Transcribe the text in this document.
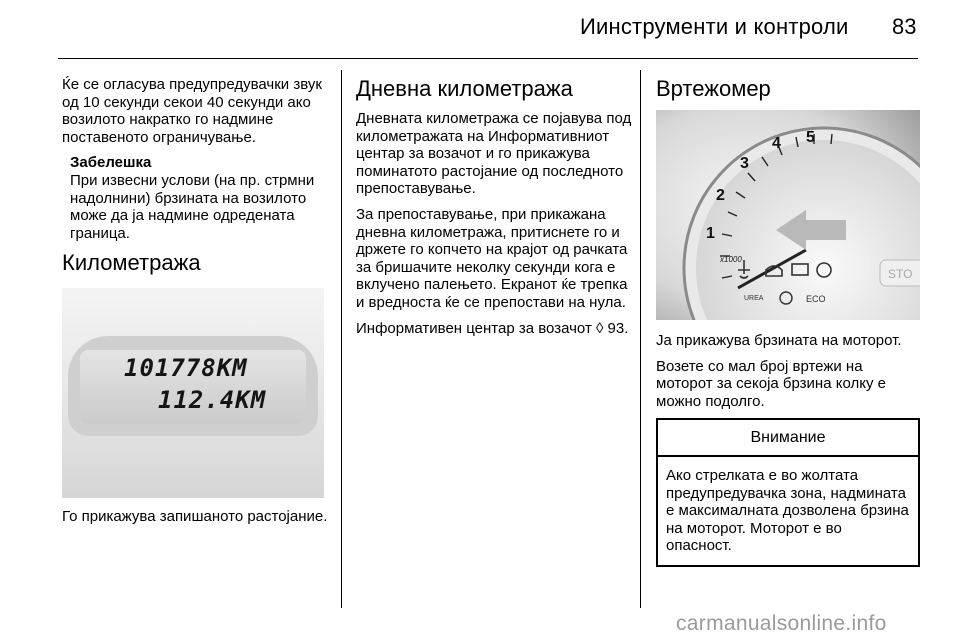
Иинструменти и контроли 83

Ќе се огласува предупредувачки звук од 10 секунди секои 40 секунди ако возилото накратко го надмине поставеното ограничување.

Забелешка

При извесни услови (на пр. стрмни надолнини) брзината на возилото може да ја надмине одредената граница.

Километража
101778KM
112.4KM

Го прикажува запишаното растојание.

Дневна километража

Дневната километража се појавува под километражата на Информативниот центар за возачот и го прикажува поминатото растојание од последното препоставување.

За препоставување, при прикажана дневна километража, притиснете го и држете го копчето на крајот од рачката за бришачите неколку секунди кога е вклучено палењето. Екранот ќе трепка и вредноста ќе се препостави на нула.

Информативен центар за возачот ◊ 93.

Вртежомер
1
2
3
4 5
x1000
UREA	ECO
STO

Ја прикажува брзината на моторот.

Возете со мал број вртежи на моторот за секоја брзина колку е можно подолго.

Внимание
Ако стрелката е во жолтата предупредувачка зона, надмината е максималната дозволена брзина на моторот. Моторот е во опасност.
carmanualsonline.info
